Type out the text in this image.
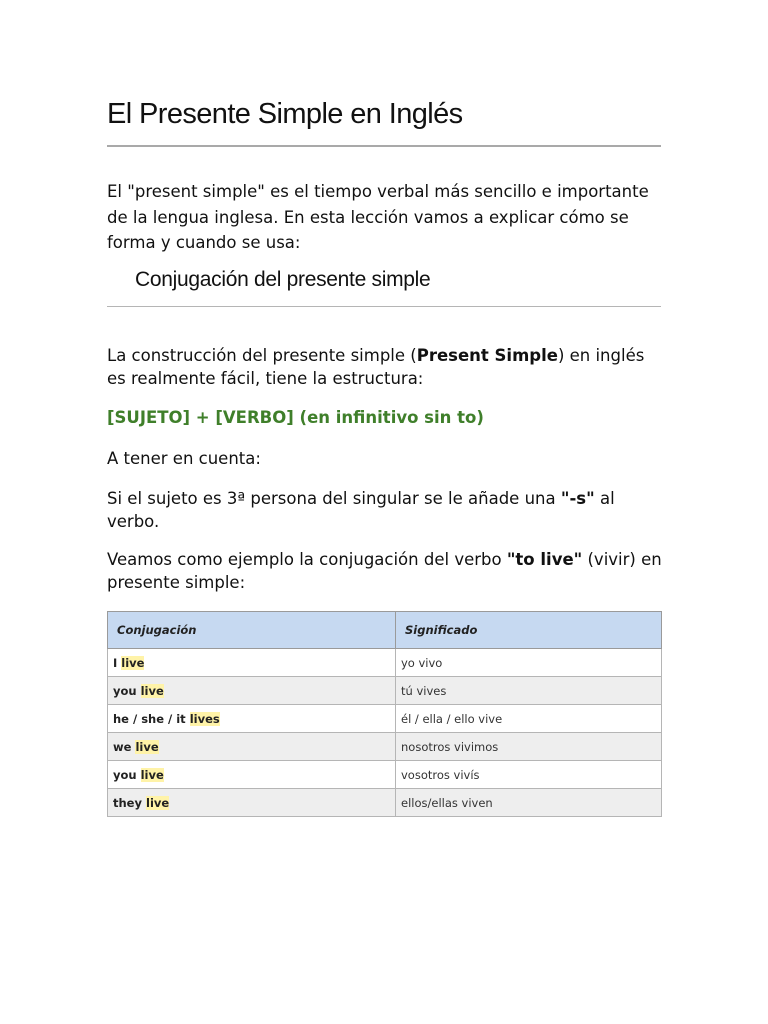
El Presente Simple en Inglés

El "present simple" es el tiempo verbal más sencillo e importante de la lengua inglesa. En esta lección vamos a explicar cómo se forma y cuando se usa:

Conjugación del presente simple

La construcción del presente simple (Present Simple) en inglés es realmente fácil, tiene la estructura:

[SUJETO] + [VERBO] (en infinitivo sin to)

A tener en cuenta:

Si el sujeto es 3ª persona del singular se le añade una "-s" al verbo.

Veamos como ejemplo la conjugación del verbo "to live" (vivir) en presente simple:

Conjugación	Significado
I live	yo vivo
you live	tú vives
he / she / it lives	él / ella / ello vive
we live	nosotros vivimos
you live	vosotros vivís
they live	ellos/ellas viven
